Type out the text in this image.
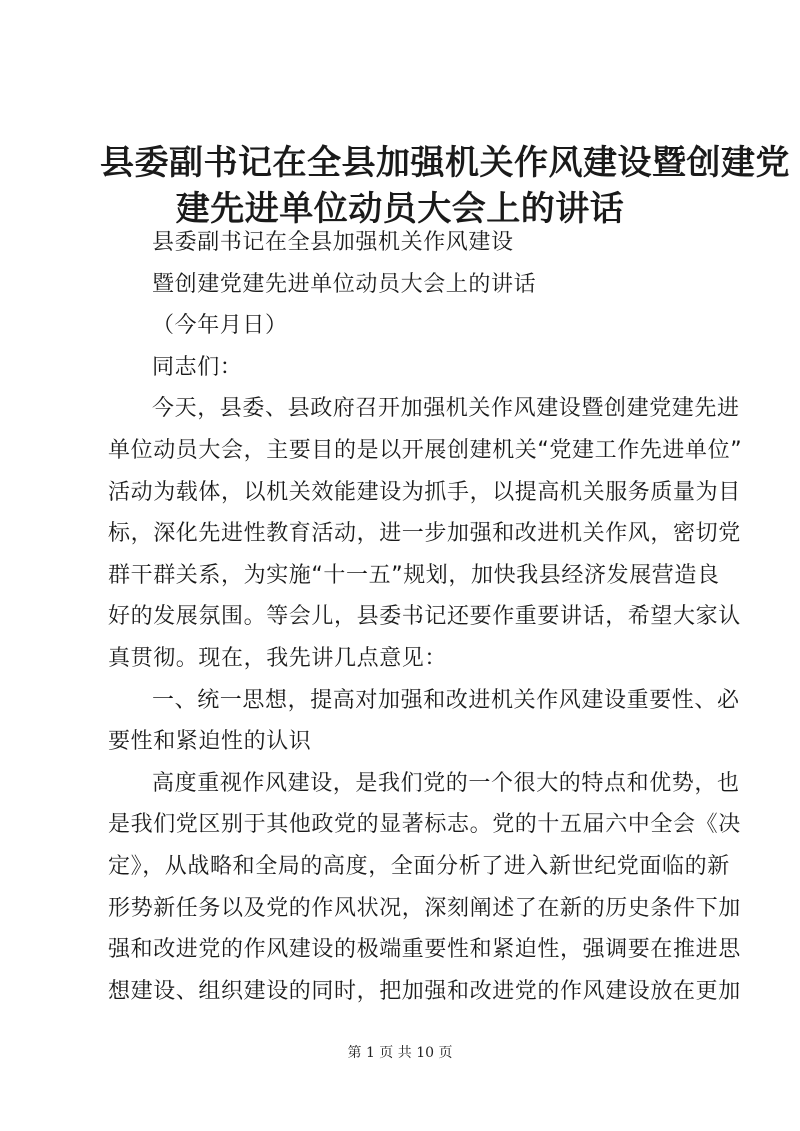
县委副书记在全县加强机关作风建设暨创建党
建先进单位动员大会上的讲话
县委副书记在全县加强机关作风建设
暨创建党建先进单位动员大会上的讲话
（今年月日）
同志们：
今天，县委、县政府召开加强机关作风建设暨创建党建先进
单位动员大会，主要目的是以开展创建机关“党建工作先进单位”
活动为载体，以机关效能建设为抓手，以提高机关服务质量为目
标，深化先进性教育活动，进一步加强和改进机关作风，密切党
群干群关系，为实施“十一五”规划，加快我县经济发展营造良
好的发展氛围。等会儿，县委书记还要作重要讲话，希望大家认
真贯彻。现在，我先讲几点意见：
一、统一思想，提高对加强和改进机关作风建设重要性、必
要性和紧迫性的认识
高度重视作风建设，是我们党的一个很大的特点和优势，也
是我们党区别于其他政党的显著标志。党的十五届六中全会《决
定》，从战略和全局的高度，全面分析了进入新世纪党面临的新
形势新任务以及党的作风状况，深刻阐述了在新的历史条件下加
强和改进党的作风建设的极端重要性和紧迫性，强调要在推进思
想建设、组织建设的同时，把加强和改进党的作风建设放在更加
第 1 页 共 10 页
